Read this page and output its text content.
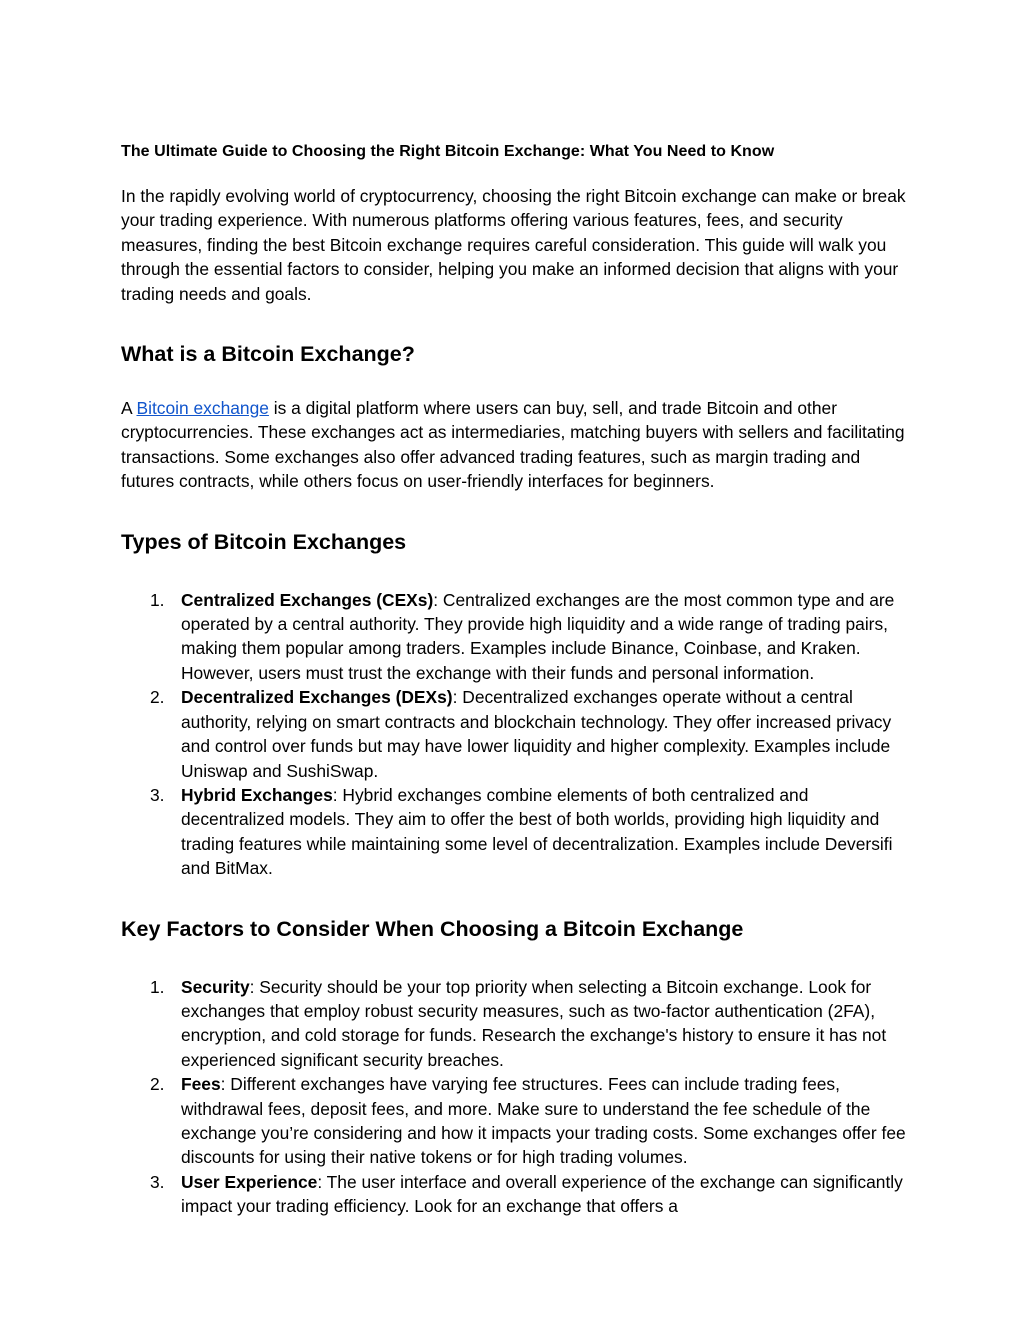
The Ultimate Guide to Choosing the Right Bitcoin Exchange: What You Need to Know

In the rapidly evolving world of cryptocurrency, choosing the right Bitcoin exchange can make or break your trading experience. With numerous platforms offering various features, fees, and security measures, finding the best Bitcoin exchange requires careful consideration. This guide will walk you through the essential factors to consider, helping you make an informed decision that aligns with your trading needs and goals.

What is a Bitcoin Exchange?

A Bitcoin exchange is a digital platform where users can buy, sell, and trade Bitcoin and other cryptocurrencies. These exchanges act as intermediaries, matching buyers with sellers and facilitating transactions. Some exchanges also offer advanced trading features, such as margin trading and futures contracts, while others focus on user-friendly interfaces for beginners.

Types of Bitcoin Exchanges
1. Centralized Exchanges (CEXs): Centralized exchanges are the most common type and are operated by a central authority. They provide high liquidity and a wide range of trading pairs, making them popular among traders. Examples include Binance, Coinbase, and Kraken. However, users must trust the exchange with their funds and personal information.
2. Decentralized Exchanges (DEXs): Decentralized exchanges operate without a central authority, relying on smart contracts and blockchain technology. They offer increased privacy and control over funds but may have lower liquidity and higher complexity. Examples include Uniswap and SushiSwap.
3. Hybrid Exchanges: Hybrid exchanges combine elements of both centralized and decentralized models. They aim to offer the best of both worlds, providing high liquidity and trading features while maintaining some level of decentralization. Examples include Deversifi and BitMax.
Key Factors to Consider When Choosing a Bitcoin Exchange
1. Security: Security should be your top priority when selecting a Bitcoin exchange. Look for exchanges that employ robust security measures, such as two-factor authentication (2FA), encryption, and cold storage for funds. Research the exchange's history to ensure it has not experienced significant security breaches.
2. Fees: Different exchanges have varying fee structures. Fees can include trading fees, withdrawal fees, deposit fees, and more. Make sure to understand the fee schedule of the exchange you’re considering and how it impacts your trading costs. Some exchanges offer fee discounts for using their native tokens or for high trading volumes.
3. User Experience: The user interface and overall experience of the exchange can significantly impact your trading efficiency. Look for an exchange that offers a
